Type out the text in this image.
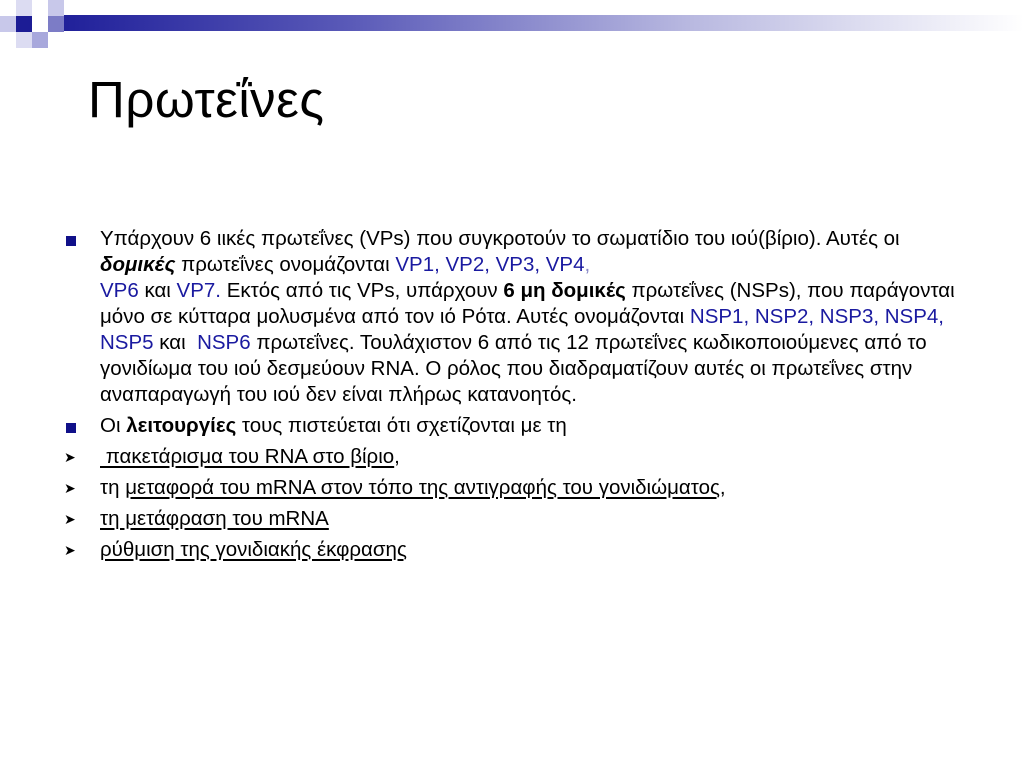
Πρωτεΐνες
Υπάρχουν 6 ιικές πρωτεΐνες (VPs) που συγκροτούν το σωματίδιο του ιού(βίριο). Αυτές οι δομικές πρωτεΐνες ονομάζονται VP1, VP2, VP3, VP4,
VP6 και VP7. Εκτός από τις VPs, υπάρχουν 6 μη δομικές πρωτεΐνες (NSPs), που παράγονται μόνο σε κύτταρα μολυσμένα από τον ιό Ρότα. Αυτές ονομάζονται NSP1, NSP2, NSP3, NSP4, NSP5 και  NSP6 πρωτεΐνες. Τουλάχιστον 6 από τις 12 πρωτεΐνες κωδικοποιούμενες από το γονιδίωμα του ιού δεσμεύουν RNA. Ο ρόλος που διαδραματίζουν αυτές οι πρωτεΐνες στην αναπαραγωγή του ιού δεν είναι πλήρως κατανοητός.
Οι λειτουργίες τους πιστεύεται ότι σχετίζονται με τη
➤ πακετάρισμα του RNA στο βίριο,
➤ τη μεταφορά του mRNA στον τόπο της αντιγραφής του γονιδιώματος,
➤ τη μετάφραση του mRNA
➤ ρύθμιση της γονιδιακής έκφρασης
